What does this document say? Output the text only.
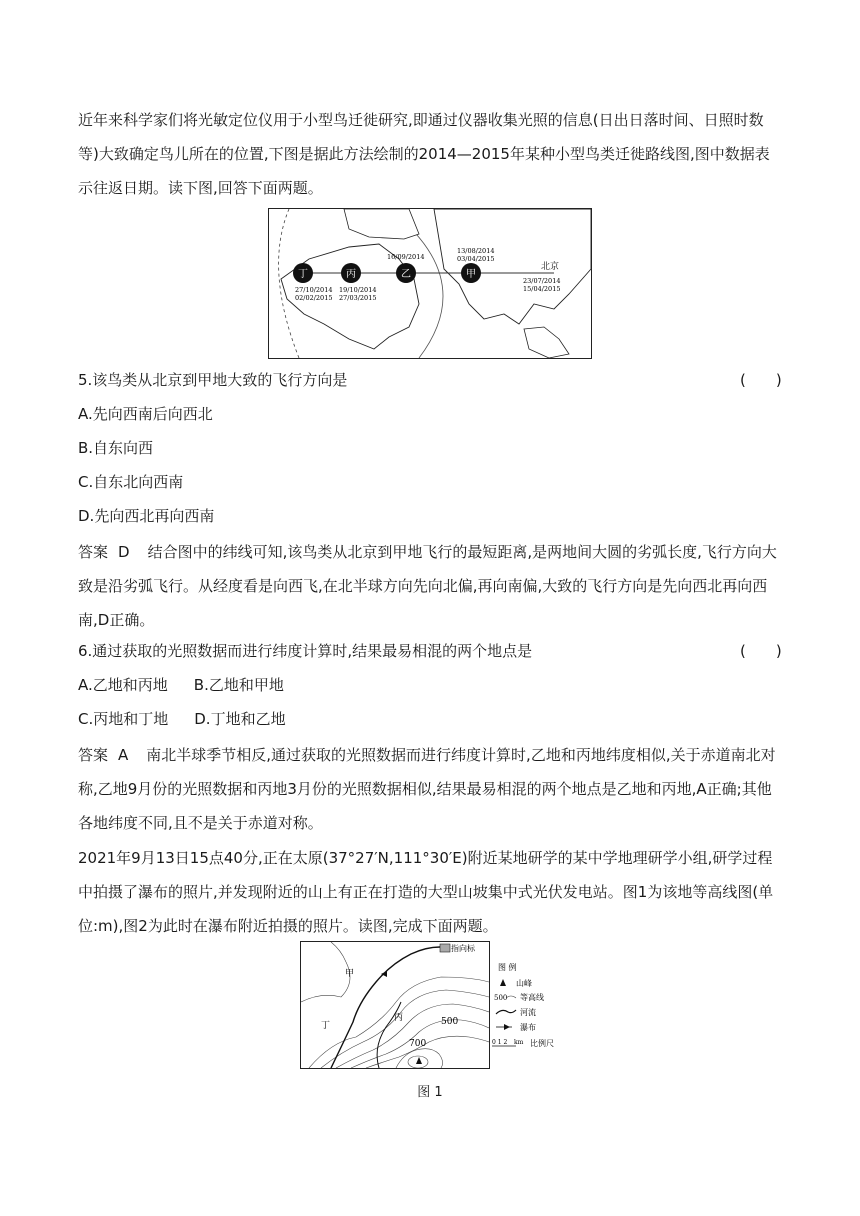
近年来科学家们将光敏定位仪用于小型鸟迁徙研究,即通过仪器收集光照的信息(日出日落时间、日照时数等)大致确定鸟儿所在的位置,下图是据此方法绘制的2014—2015年某种小型鸟类迁徙路线图,图中数据表示往返日期。读下图,回答下面两题。

丁	丙	乙	甲
北京
27/10/2014
02/02/2015
19/10/2014
27/03/2015
16/09/2014
13/08/2014
03/04/2015
23/07/2014
15/04/2015
5.该鸟类从北京到甲地大致的飞行方向是	(　　)
A.先向西南后向西北
B.自东向西
C.自东北向西南
D.先向西北再向西南

答案 D 结合图中的纬线可知,该鸟类从北京到甲地飞行的最短距离,是两地间大圆的劣弧长度,飞行方向大致是沿劣弧飞行。从经度看是向西飞,在北半球方向先向北偏,再向南偏,大致的飞行方向是先向西北再向西南,D正确。

6.通过获取的光照数据而进行纬度计算时,结果最易相混的两个地点是	(　　)
A.乙地和丙地 B.乙地和甲地
C.丙地和丁地 D.丁地和乙地

答案 A 南北半球季节相反,通过获取的光照数据而进行纬度计算时,乙地和丙地纬度相似,关于赤道南北对称,乙地9月份的光照数据和丙地3月份的光照数据相似,结果最易相混的两个地点是乙地和丙地,A正确;其他各地纬度不同,且不是关于赤道对称。

2021年9月13日15点40分,正在太原(37°27′N,111°30′E)附近某地研学的某中学地理研学小组,研学过程中拍摄了瀑布的照片,并发现附近的山上有正在打造的大型山坡集中式光伏发电站。图1为该地等高线图(单位:m),图2为此时在瀑布附近拍摄的照片。读图,完成下面两题。

指向标
甲
丙
丁	500
700
图 例
山峰
500 等高线
河流
瀑布
0 1 2 km 比例尺
图 1
